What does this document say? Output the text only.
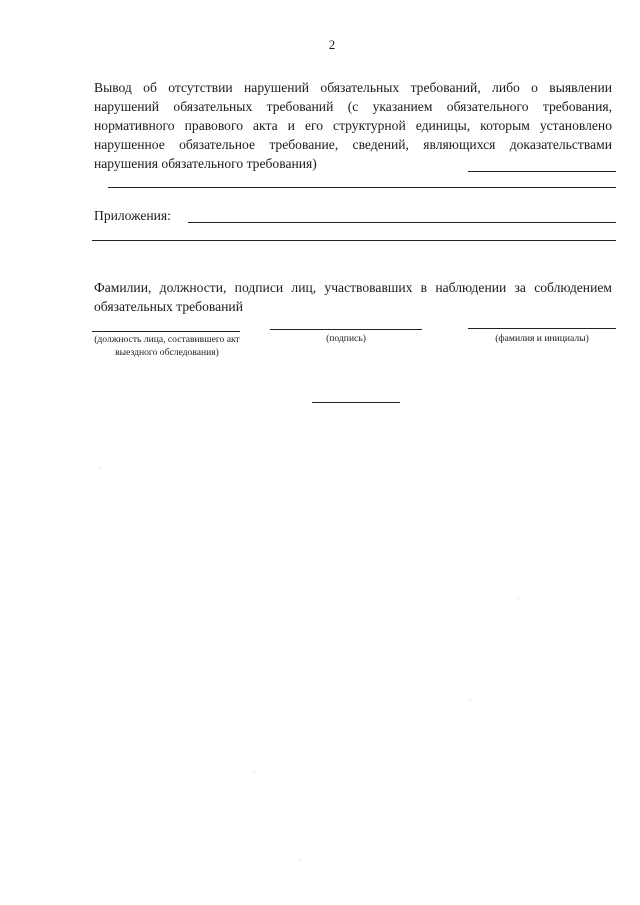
2
Вывод об отсутствии нарушений обязательных требований, либо о выявлении нарушений обязательных требований (с указанием обязательного требования, нормативного правового акта и его структурной единицы, которым установлено нарушенное обязательное требование, сведений, являющихся доказательствами нарушения обязательного требования)
Приложения:
Фамилии, должности, подписи лиц, участвовавших в наблюдении за соблюдением обязательных требований
(должность лица, составившего акт выездного обследования)
(подпись)	(фамилия и инициалы)
